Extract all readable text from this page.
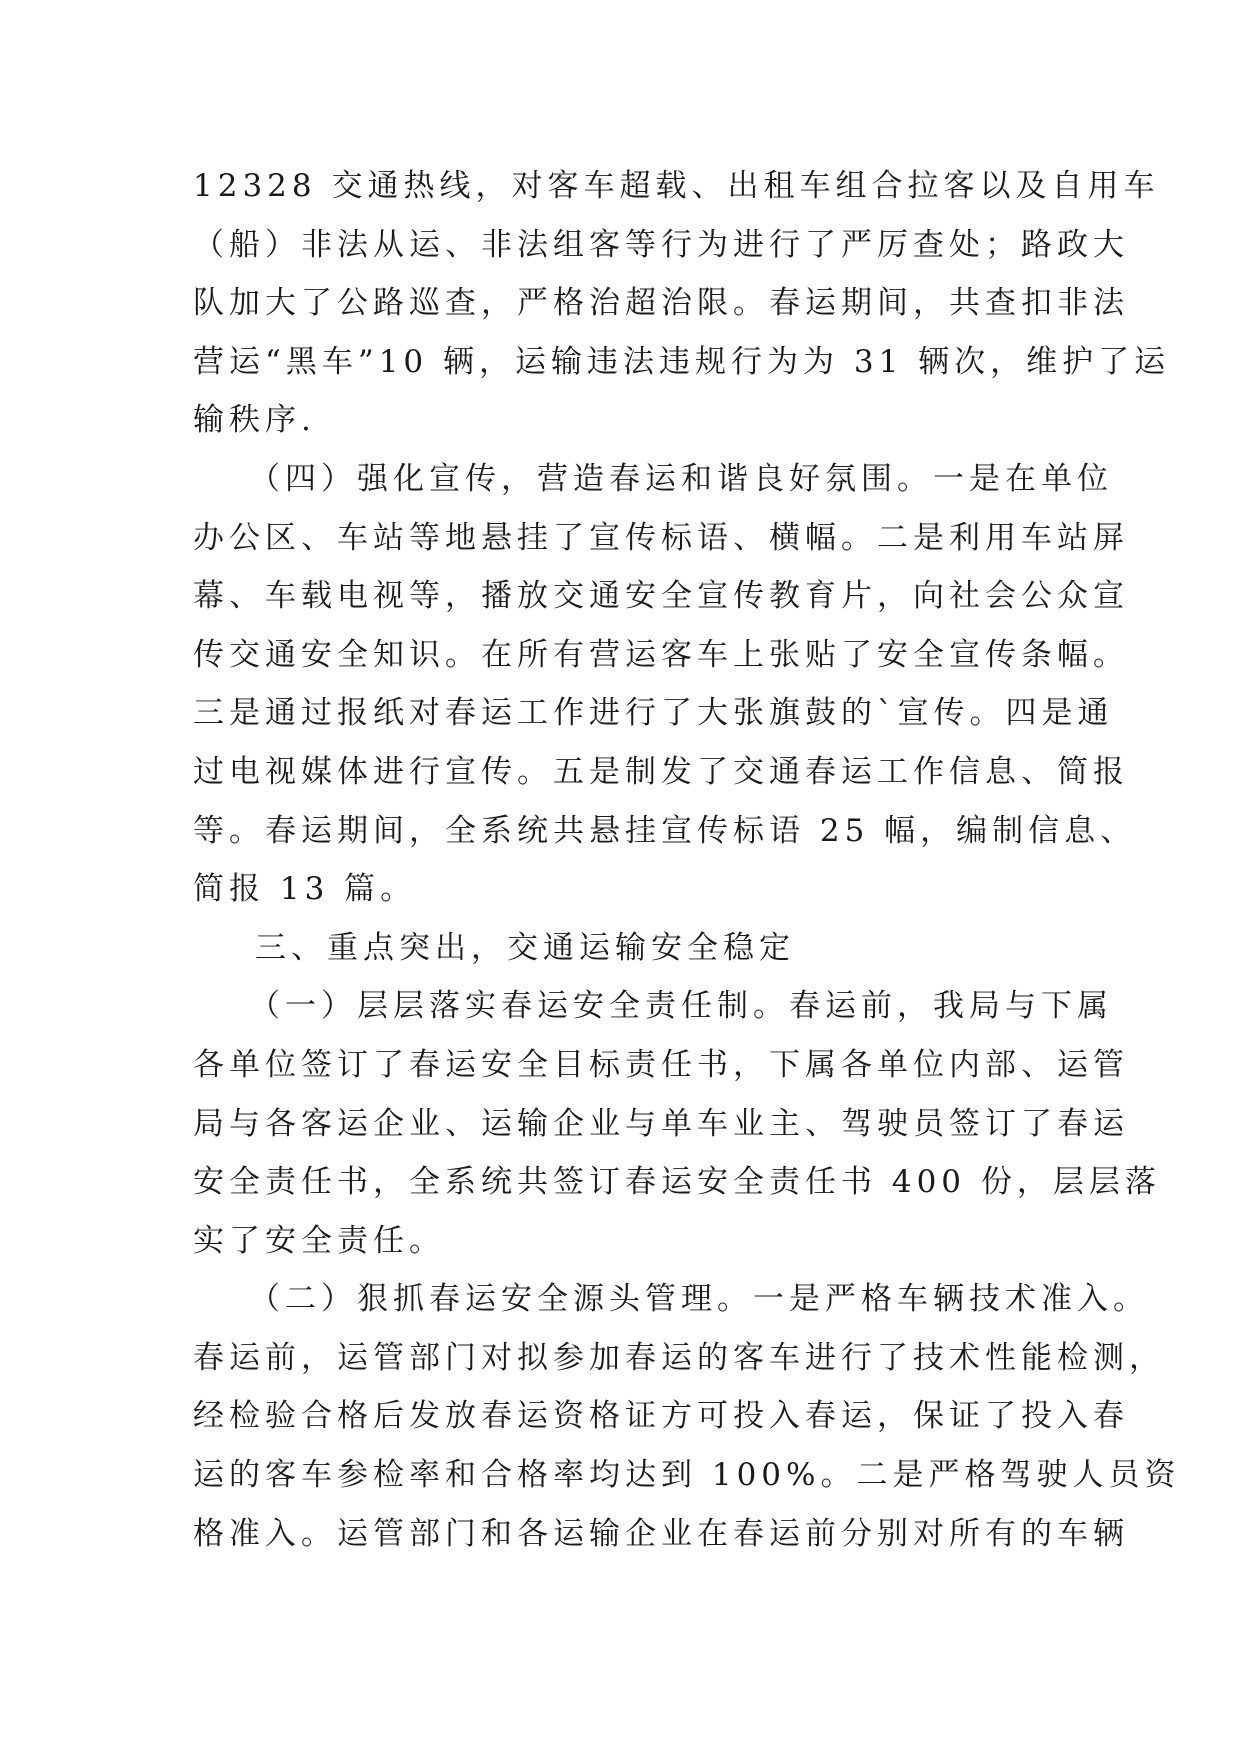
12328 交通热线，对客车超载、出租车组合拉客以及自用车
（船）非法从运、非法组客等行为进行了严厉查处；路政大
队加大了公路巡查，严格治超治限。春运期间，共查扣非法
营运“黑车”10 辆，运输违法违规行为为 31 辆次，维护了运
输秩序.
（四）强化宣传，营造春运和谐良好氛围。一是在单位
办公区、车站等地悬挂了宣传标语、横幅。二是利用车站屏
幕、车载电视等，播放交通安全宣传教育片，向社会公众宣
传交通安全知识。在所有营运客车上张贴了安全宣传条幅。
三是通过报纸对春运工作进行了大张旗鼓的`宣传。四是通
过电视媒体进行宣传。五是制发了交通春运工作信息、简报
等。春运期间，全系统共悬挂宣传标语 25 幅，编制信息、
简报 13 篇。
三、重点突出，交通运输安全稳定
（一）层层落实春运安全责任制。春运前，我局与下属
各单位签订了春运安全目标责任书，下属各单位内部、运管
局与各客运企业、运输企业与单车业主、驾驶员签订了春运
安全责任书，全系统共签订春运安全责任书 400 份，层层落
实了安全责任。
（二）狠抓春运安全源头管理。一是严格车辆技术准入。
春运前，运管部门对拟参加春运的客车进行了技术性能检测，
经检验合格后发放春运资格证方可投入春运，保证了投入春
运的客车参检率和合格率均达到 100%。二是严格驾驶人员资
格准入。运管部门和各运输企业在春运前分别对所有的车辆
